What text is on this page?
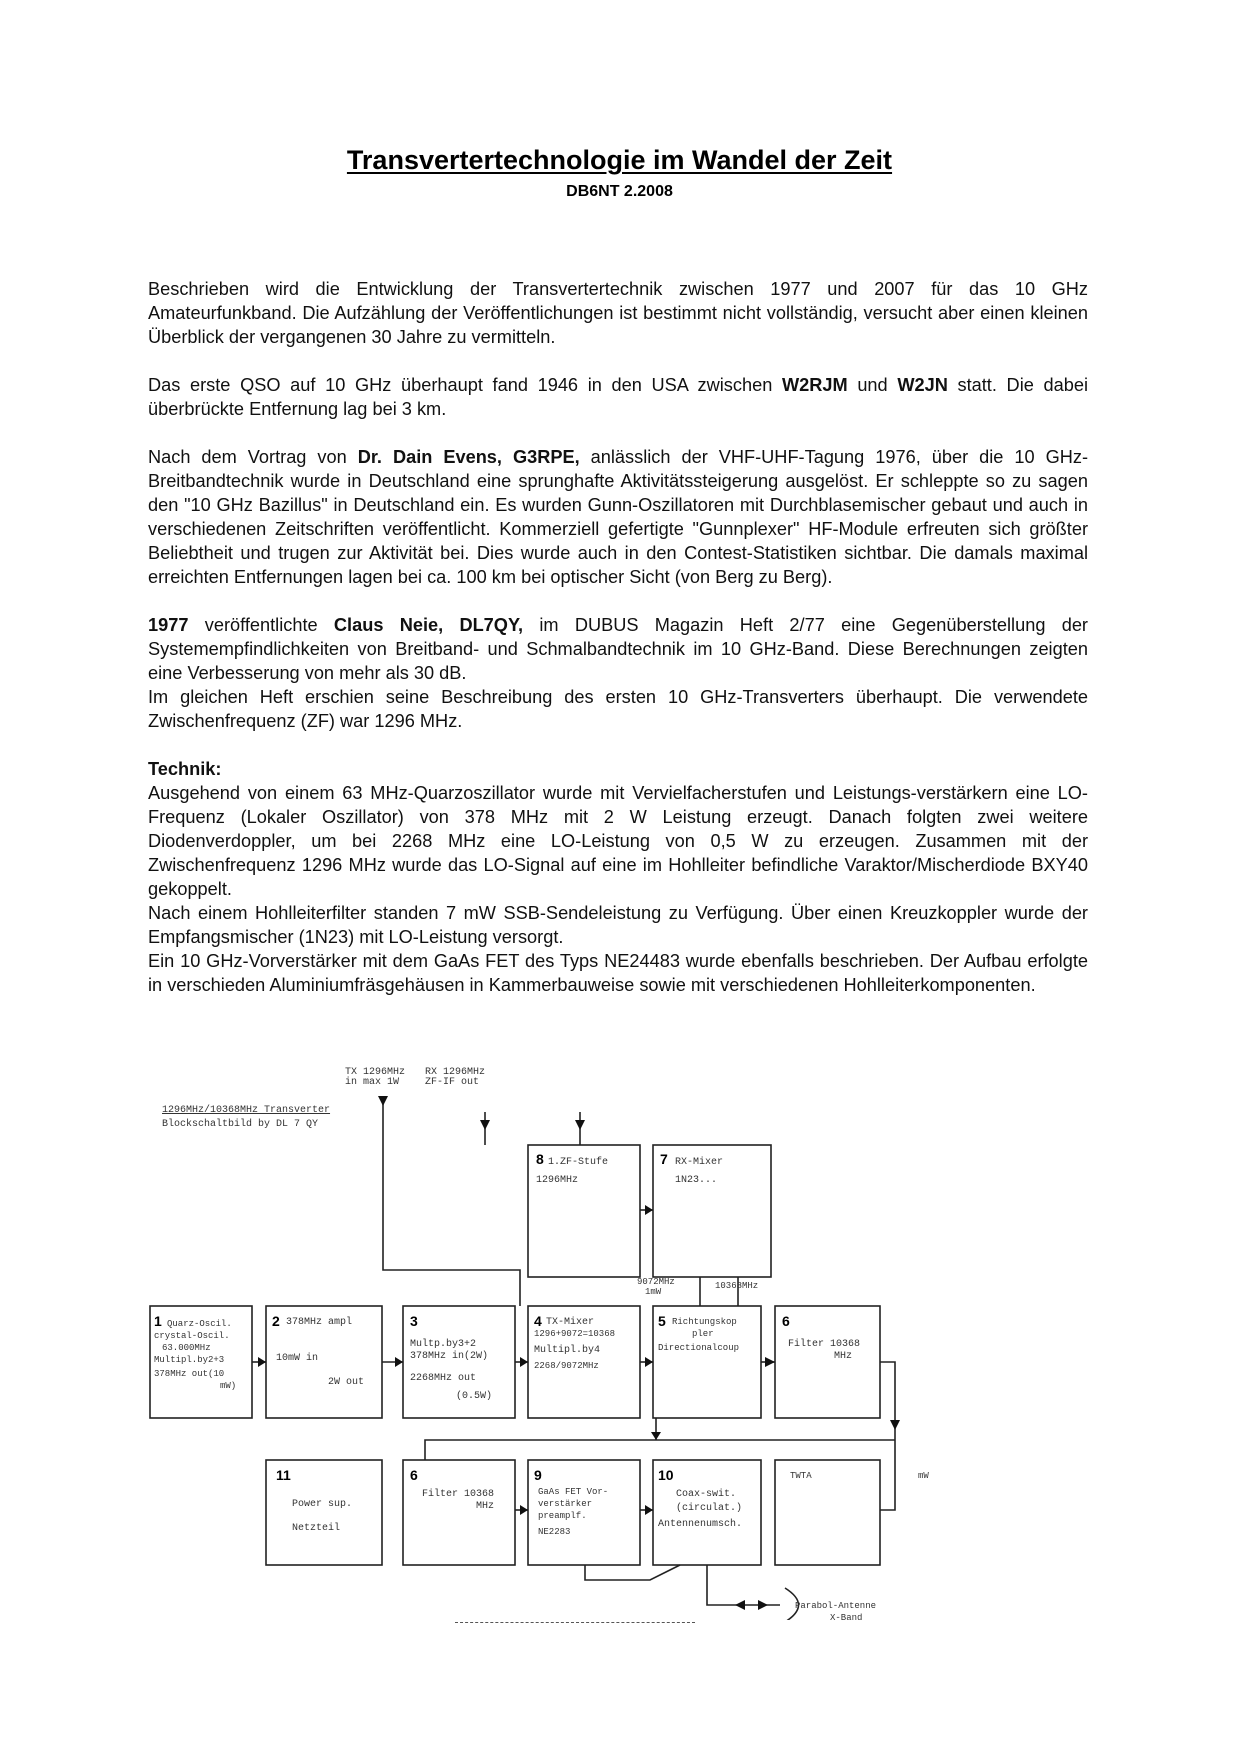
Transvertertechnologie im Wandel der Zeit
DB6NT 2.2008

Beschrieben wird die Entwicklung der Transvertertechnik zwischen 1977 und 2007 für das 10 GHz Amateurfunkband. Die Aufzählung der Veröffentlichungen ist bestimmt nicht vollständig, versucht aber einen kleinen Überblick der vergangenen 30 Jahre zu vermitteln.

Das erste QSO auf 10 GHz überhaupt fand 1946 in den USA zwischen W2RJM und W2JN statt. Die dabei überbrückte Entfernung lag bei 3 km.

Nach dem Vortrag von Dr. Dain Evens, G3RPE, anlässlich der VHF-UHF-Tagung 1976, über die 10 GHz-Breitbandtechnik wurde in Deutschland eine sprunghafte Aktivitätssteigerung ausgelöst. Er schleppte so zu sagen den "10 GHz Bazillus" in Deutschland ein. Es wurden Gunn-Oszillatoren mit Durchblasemischer gebaut und auch in verschiedenen Zeitschriften veröffentlicht. Kommerziell gefertigte "Gunnplexer" HF-Module erfreuten sich größter Beliebtheit und trugen zur Aktivität bei. Dies wurde auch in den Contest-Statistiken sichtbar. Die damals maximal erreichten Entfernungen lagen bei ca. 100 km bei optischer Sicht (von Berg zu Berg).

1977 veröffentlichte Claus Neie, DL7QY, im DUBUS Magazin Heft 2/77 eine Gegenüberstellung der Systemempfindlichkeiten von Breitband- und Schmalbandtechnik im 10 GHz-Band. Diese Berechnungen zeigten eine Verbesserung von mehr als 30 dB.
Im gleichen Heft erschien seine Beschreibung des ersten 10 GHz-Transverters überhaupt. Die verwendete Zwischenfrequenz (ZF) war 1296 MHz.

Technik:

Ausgehend von einem 63 MHz-Quarzoszillator wurde mit Vervielfacherstufen und Leistungs-verstärkern eine LO-Frequenz (Lokaler Oszillator) von 378 MHz mit 2 W Leistung erzeugt. Danach folgten zwei weitere Diodenverdoppler, um bei 2268 MHz eine LO-Leistung von 0,5 W zu erzeugen. Zusammen mit der Zwischenfrequenz 1296 MHz wurde das LO-Signal auf eine im Hohlleiter befindliche Varaktor/Mischerdiode BXY40 gekoppelt.

Nach einem Hohlleiterfilter standen 7 mW SSB-Sendeleistung zu Verfügung. Über einen Kreuzkoppler wurde der Empfangsmischer (1N23) mit LO-Leistung versorgt.

Ein 10 GHz-Vorverstärker mit dem GaAs FET des Typs NE24483 wurde ebenfalls beschrieben. Der Aufbau erfolgte in verschieden Aluminiumfräsgehäusen in Kammerbauweise sowie mit verschiedenen Hohlleiterkomponenten.

TX 1296MHz
in max 1W
RX 1296MHz
ZF-IF out
1296MHz/10368MHz Transverter
Blockschaltbild by DL 7 QY
8 1.ZF-Stufe
1296MHz
7 RX-Mixer
1N23...
9072MHz
1mW
10368MHz
1 Quarz-Oscil.
crystal-Oscil.
63.000MHz
Multipl.by2+3
378MHz out(10
mW)
2 378MHz ampl
10mW in
2W out
3
Multp.by3+2
378MHz in(2W)
2268MHz out
(0.5W)
4 TX-Mixer
1296+9072=10368
Multipl.by4
2268/9072MHz
5 Richtungskop
pler
Directionalcoup
6
Filter 10368
MHz
11
Power sup.
Netzteil
6
Filter 10368
MHz
9
GaAs FET Vor-
verstärker
preamplf.
NE2283
10
Coax-swit.
(circulat.)
Antennenumsch.
TWTA	mW
Parabol-Antenne
X-Band
